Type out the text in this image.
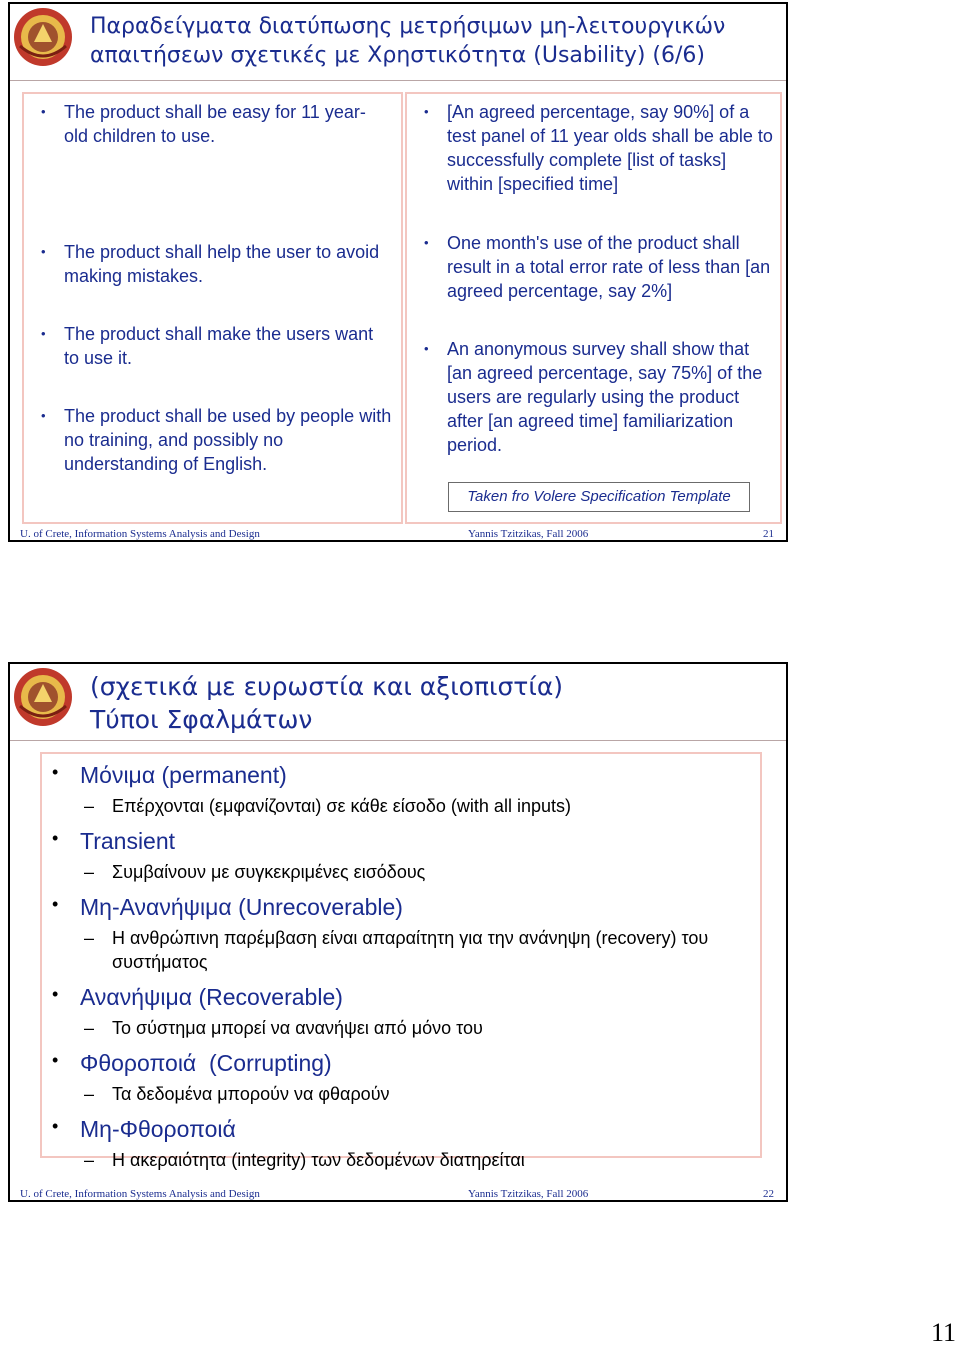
Παραδείγματα διατύπωσης μετρήσιμων μη-λειτουργικών απαιτήσεων σχετικές με Χρηστικότητα (Usability) (6/6)
• The product shall be easy for 11 year-old children to use.
• The product shall help the user to avoid making mistakes.
• The product shall make the users want to use it.
• The product shall be used by people with no training, and possibly no understanding of English.
• [An agreed percentage, say 90%] of a test panel of 11 year olds shall be able to successfully complete [list of tasks] within [specified time]
• One month's use of the product shall result in a total error rate of less than [an agreed percentage, say 2%]
• An anonymous survey shall show that [an agreed percentage, say 75%] of the users are regularly using the product after [an agreed time] familiarization period.
Taken fro Volere Specification Template
U. of Crete, Information Systems Analysis and Design	Yannis Tzitzikas, Fall 2006	21
(σχετικά με ευρωστία και αξιοπιστία)
Τύποι Σφαλμάτων
• Μόνιμα (permanent)
– Επέρχονται (εμφανίζονται) σε κάθε είσοδο (with all inputs)
• Transient
– Συμβαίνουν με συγκεκριμένες εισόδους
• Μη-Ανανήψιμα (Unrecoverable)
– Η ανθρώπινη παρέμβαση είναι απαραίτητη για την ανάνηψη (recovery) του συστήματος
• Ανανήψιμα (Recoverable)
– Το σύστημα μπορεί να ανανήψει από μόνο του
• Φθοροποιά  (Corrupting)
– Τα δεδομένα μπορούν να φθαρούν
• Μη-Φθοροποιά
– Η ακεραιότητα (integrity) των δεδομένων διατηρείται
U. of Crete, Information Systems Analysis and Design	Yannis Tzitzikas, Fall 2006	22
11
